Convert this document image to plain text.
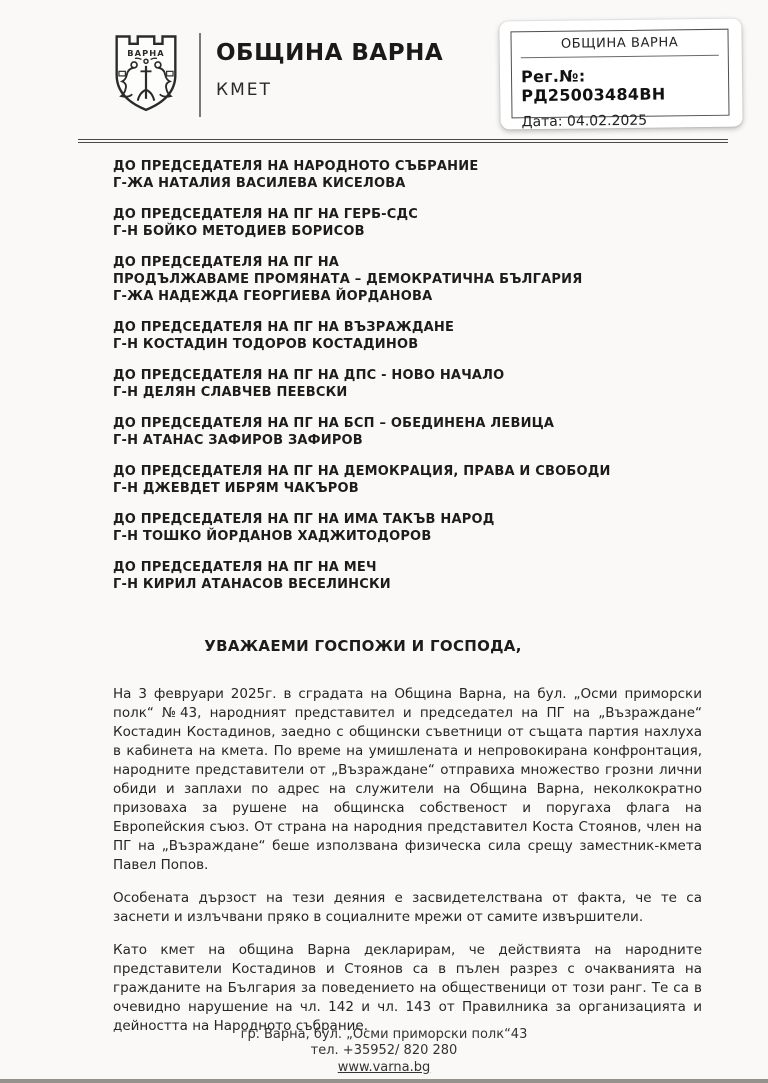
ВАРНА ОБЩИНА ВАРНА
КМЕТ
ОБЩИНА ВАРНА
Рег.№: РД25003484ВН
Дата: 04.02.2025
ДО ПРЕДСЕДАТЕЛЯ НА НАРОДНОТО СЪБРАНИЕ
Г-ЖА НАТАЛИЯ ВАСИЛЕВА КИСЕЛОВА
ДО ПРЕДСЕДАТЕЛЯ НА ПГ НА ГЕРБ-СДС
Г-Н БОЙКО МЕТОДИЕВ БОРИСОВ
ДО ПРЕДСЕДАТЕЛЯ НА ПГ НА
ПРОДЪЛЖАВАМЕ ПРОМЯНАТА – ДЕМОКРАТИЧНА БЪЛГАРИЯ
Г-ЖА НАДЕЖДА ГЕОРГИЕВА ЙОРДАНОВА
ДО ПРЕДСЕДАТЕЛЯ НА ПГ НА ВЪЗРАЖДАНЕ
Г-Н КОСТАДИН ТОДОРОВ КОСТАДИНОВ
ДО ПРЕДСЕДАТЕЛЯ НА ПГ НА ДПС - НОВО НАЧАЛО
Г-Н ДЕЛЯН СЛАВЧЕВ ПЕЕВСКИ
ДО ПРЕДСЕДАТЕЛЯ НА ПГ НА БСП – ОБЕДИНЕНА ЛЕВИЦА
Г-Н АТАНАС ЗАФИРОВ ЗАФИРОВ
ДО ПРЕДСЕДАТЕЛЯ НА ПГ НА ДЕМОКРАЦИЯ, ПРАВА И СВОБОДИ
Г-Н ДЖЕВДЕТ ИБРЯМ ЧАКЪРОВ
ДО ПРЕДСЕДАТЕЛЯ НА ПГ НА ИМА ТАКЪВ НАРОД
Г-Н ТОШКО ЙОРДАНОВ ХАДЖИТОДОРОВ
ДО ПРЕДСЕДАТЕЛЯ НА ПГ НА МЕЧ
Г-Н КИРИЛ АТАНАСОВ ВЕСЕЛИНСКИ
УВАЖАЕМИ ГОСПОЖИ И ГОСПОДА,

На 3 февруари 2025г. в сградата на Община Варна, на бул. „Осми приморски полк“ №43, народният представител и председател на ПГ на „Възраждане“ Костадин Костадинов, заедно с общински съветници от същата партия нахлуха в кабинета на кмета. По време на умишлената и непровокирана конфронтация, народните представители от „Възраждане“ отправиха множество грозни лични обиди и заплахи по адрес на служители на Община Варна, неколкократно призоваха за рушене на общинска собственост и поругаха флага на Европейския съюз. От страна на народния представител Коста Стоянов, член на ПГ на „Възраждане“ беше използвана физическа сила срещу заместник-кмета Павел Попов.

Особената дързост на тези деяния е засвидетелствана от факта, че те са заснети и излъчвани пряко в социалните мрежи от самите извършители.

Като кмет на община Варна декларирам, че действията на народните представители Костадинов и Стоянов са в пълен разрез с очакванията на гражданите на България за поведението на общественици от този ранг. Те са в очевидно нарушение на чл. 142 и чл. 143 от Правилника за организацията и дейността на Народното събрание.

гр. Варна, бул. „Осми приморски полк“43
тел. +35952/ 820 280
www.varna.bg
